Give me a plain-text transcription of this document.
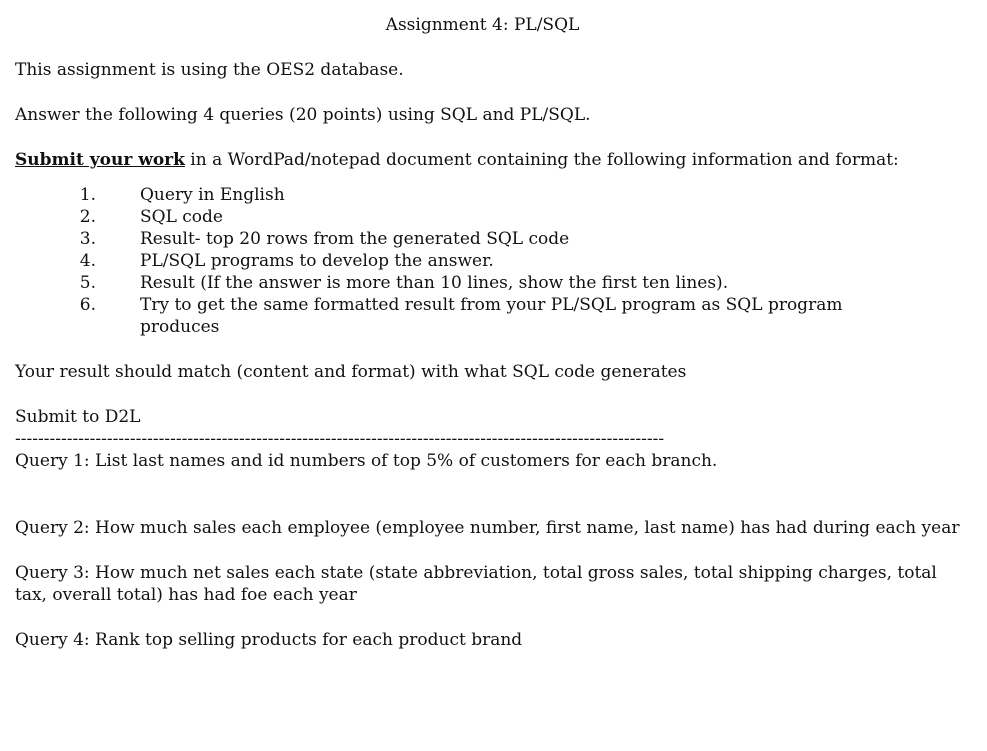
Assignment 4: PL/SQL

This assignment is using the OES2 database.

Answer the following 4 queries (20 points) using SQL and PL/SQL.

Submit your work in a WordPad/notepad document containing the following information and format:

1.	Query in English
2.	SQL code
3.	Result- top 20 rows from the generated SQL code
4.	PL/SQL programs to develop the answer.
5.	Result (If the answer is more than 10 lines, show the first ten lines).
6.	Try to get the same formatted result from your PL/SQL program as SQL program produces

Your result should match (content and format) with what SQL code generates

Submit to D2L

-----------------------------------------------------------------------------------------------------------------

Query 1: List last names and id numbers of top 5% of customers for each branch.

Query 2: How much sales each employee (employee number, first name, last name) has had during each year

Query 3: How much net sales each state (state abbreviation, total gross sales, total shipping charges, total tax, overall total) has had foe each year

Query 4: Rank top selling products for each product brand
